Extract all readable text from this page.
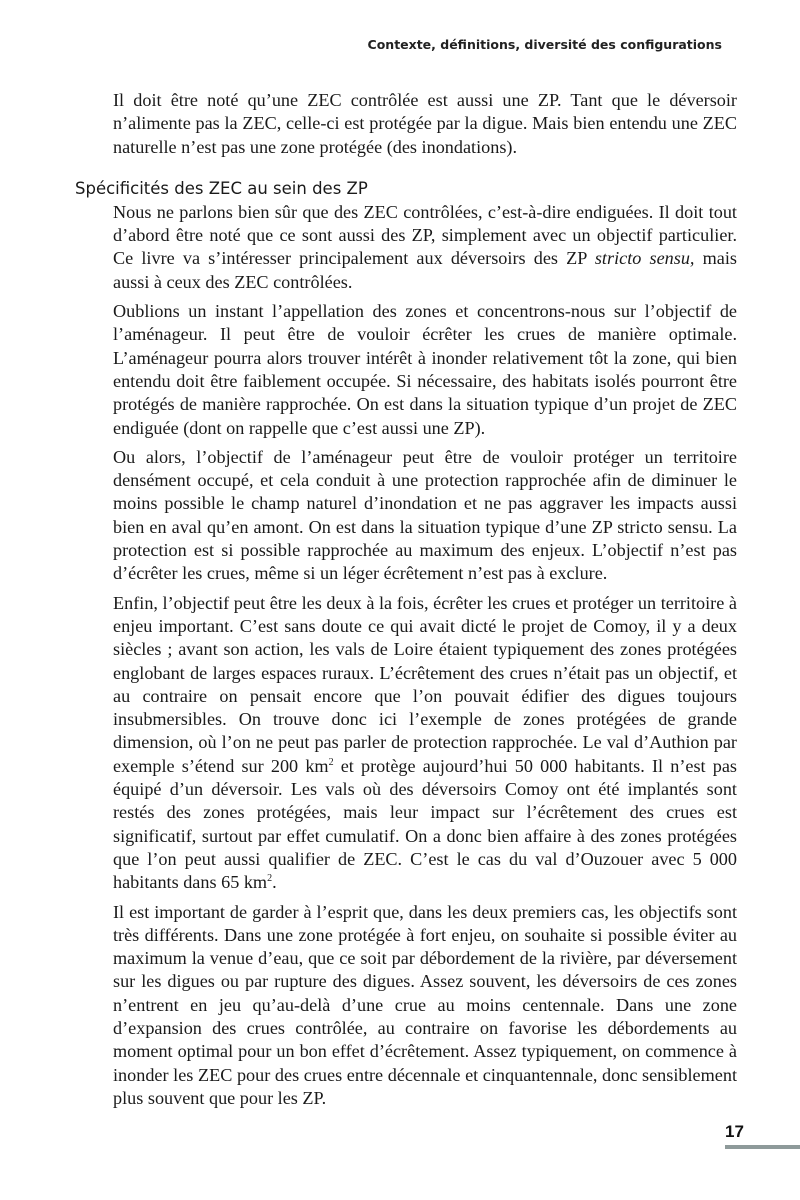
Contexte, définitions, diversité des configurations

Il doit être noté qu’une ZEC contrôlée est aussi une ZP. Tant que le déversoir n’alimente pas la ZEC, celle-ci est protégée par la digue. Mais bien entendu une ZEC naturelle n’est pas une zone protégée (des inondations).

Spécificités des ZEC au sein des ZP

Nous ne parlons bien sûr que des ZEC contrôlées, c’est-à-dire endiguées. Il doit tout d’abord être noté que ce sont aussi des ZP, simplement avec un objectif particulier. Ce livre va s’intéresser principalement aux déversoirs des ZP stricto sensu, mais aussi à ceux des ZEC contrôlées.

Oublions un instant l’appellation des zones et concentrons-nous sur l’objectif de l’aménageur. Il peut être de vouloir écrêter les crues de manière optimale. L’aménageur pourra alors trouver intérêt à inonder relativement tôt la zone, qui bien entendu doit être faiblement occupée. Si nécessaire, des habitats isolés pourront être protégés de manière rapprochée. On est dans la situation typique d’un projet de ZEC endiguée (dont on rappelle que c’est aussi une ZP).

Ou alors, l’objectif de l’aménageur peut être de vouloir protéger un territoire densément occupé, et cela conduit à une protection rapprochée afin de diminuer le moins possible le champ naturel d’inondation et ne pas aggraver les impacts aussi bien en aval qu’en amont. On est dans la situation typique d’une ZP stricto sensu. La protection est si possible rapprochée au maximum des enjeux. L’objectif n’est pas d’écrêter les crues, même si un léger écrêtement n’est pas à exclure.

Enfin, l’objectif peut être les deux à la fois, écrêter les crues et protéger un territoire à enjeu important. C’est sans doute ce qui avait dicté le projet de Comoy, il y a deux siècles ; avant son action, les vals de Loire étaient typiquement des zones protégées englobant de larges espaces ruraux. L’écrêtement des crues n’était pas un objectif, et au contraire on pensait encore que l’on pouvait édifier des digues toujours insubmersibles. On trouve donc ici l’exemple de zones protégées de grande dimension, où l’on ne peut pas parler de protection rapprochée. Le val d’Authion par exemple s’étend sur 200 $km^2$ et protège aujourd’hui 50 000 habitants. Il n’est pas équipé d’un déversoir. Les vals où des déversoirs Comoy ont été implantés sont restés des zones protégées, mais leur impact sur l’écrêtement des crues est significatif, surtout par effet cumulatif. On a donc bien affaire à des zones protégées que l’on peut aussi qualifier de ZEC. C’est le cas du val d’Ouzouer avec 5 000 habitants dans 65 $km^2$.

Il est important de garder à l’esprit que, dans les deux premiers cas, les objectifs sont très différents. Dans une zone protégée à fort enjeu, on souhaite si possible éviter au maximum la venue d’eau, que ce soit par débordement de la rivière, par déversement sur les digues ou par rupture des digues. Assez souvent, les déversoirs de ces zones n’entrent en jeu qu’au-delà d’une crue au moins centennale. Dans une zone d’expansion des crues contrôlée, au contraire on favorise les débordements au moment optimal pour un bon effet d’écrêtement. Assez typiquement, on commence à inonder les ZEC pour des crues entre décennale et cinquantennale, donc sensiblement plus souvent que pour les ZP.

17
